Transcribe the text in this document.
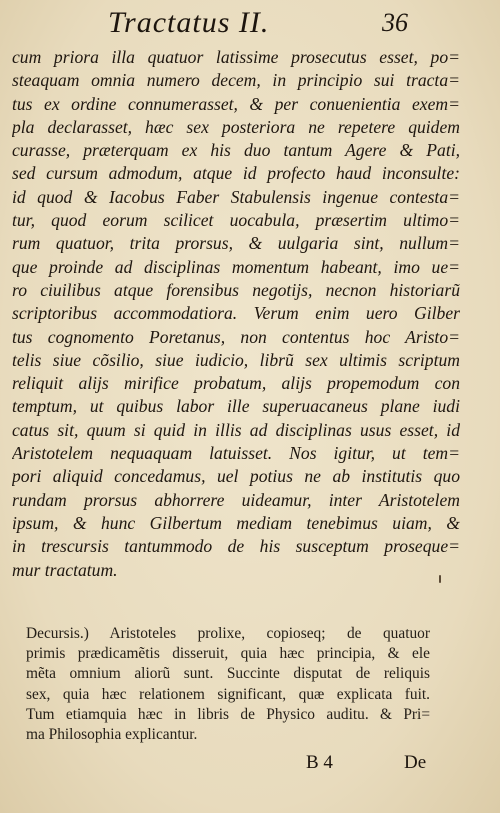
Tractatus II.	36
cum priora illa quatuor latissime prosecutus esset, po=
steaquam omnia numero decem, in principio sui tracta=
tus ex ordine connumerasset, & per conuenientia exem=
pla declarasset, hæc sex posteriora ne repetere quidem
curasse, præterquam ex his duo tantum Agere & Pati,
sed cursum admodum, atque id profecto haud inconsulte:
id quod & Iacobus Faber Stabulensis ingenue contesta=
tur, quod eorum scilicet uocabula, præsertim ultimo=
rum quatuor, trita prorsus, & uulgaria sint, nullum=
que proinde ad disciplinas momentum habeant, imo ue=
ro ciuilibus atque forensibus negotijs, necnon historiarũ
scriptoribus accommodatiora. Verum enim uero Gilber
tus cognomento Poretanus, non contentus hoc Aristo=
telis siue cõsilio, siue iudicio, librũ sex ultimis scriptum
reliquit alijs mirifice probatum, alijs propemodum con
temptum, ut quibus labor ille superuacaneus plane iudi
catus sit, quum si quid in illis ad disciplinas usus esset, id
Aristotelem nequaquam latuisset. Nos igitur, ut tem=
pori aliquid concedamus, uel potius ne ab institutis quo
rundam prorsus abhorrere uideamur, inter Aristotelem
ipsum, & hunc Gilbertum mediam tenebimus uiam, &
in trescursis tantummodo de his susceptum proseque=
mur tractatum.
Decursis.) Aristoteles prolixe, copioseq; de quatuor
primis prædicamẽtis disseruit, quia hæc principia, & ele
mẽta omnium aliorũ sunt. Succinte disputat de reliquis
sex, quia hæc relationem significant, quæ explicata fuit.
Tum etiamquia hæc in libris de Physico auditu. & Pri=
ma Philosophia explicantur.
B 4	De
